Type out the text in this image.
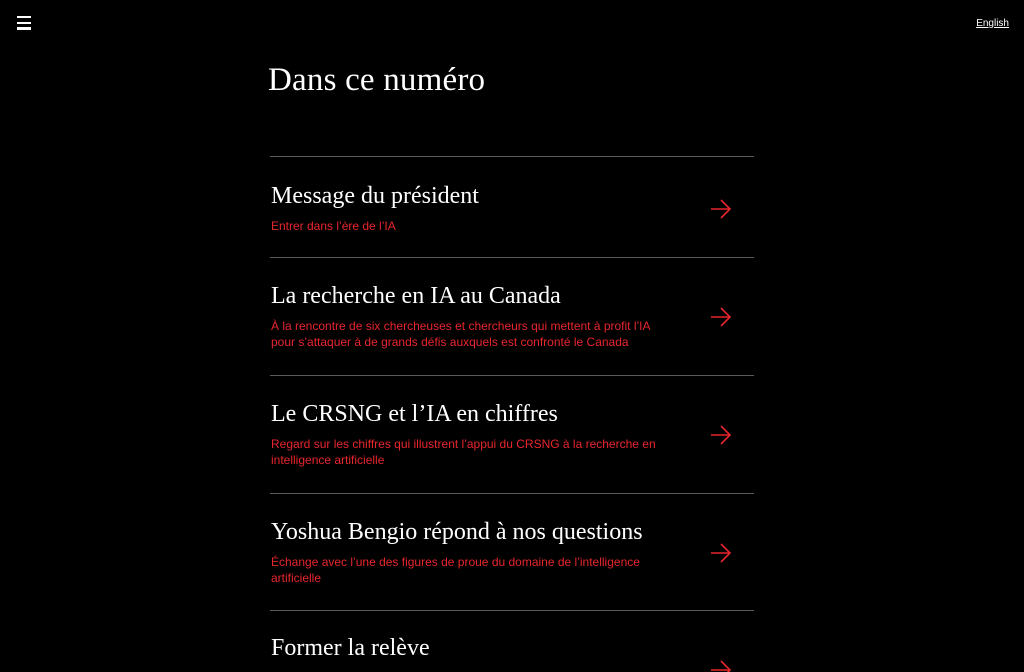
English
Dans ce numéro
Message du président

Entrer dans l’ère de l’IA

La recherche en IA au Canada

À la rencontre de six chercheuses et chercheurs qui mettent à profit l’IA pour s’attaquer à de grands défis auxquels est confronté le Canada

Le CRSNG et l’IA en chiffres

Regard sur les chiffres qui illustrent l’appui du CRSNG à la recherche en intelligence artificielle

Yoshua Bengio répond à nos questions

Échange avec l’une des figures de proue du domaine de l’intelligence artificielle

Former la relève
